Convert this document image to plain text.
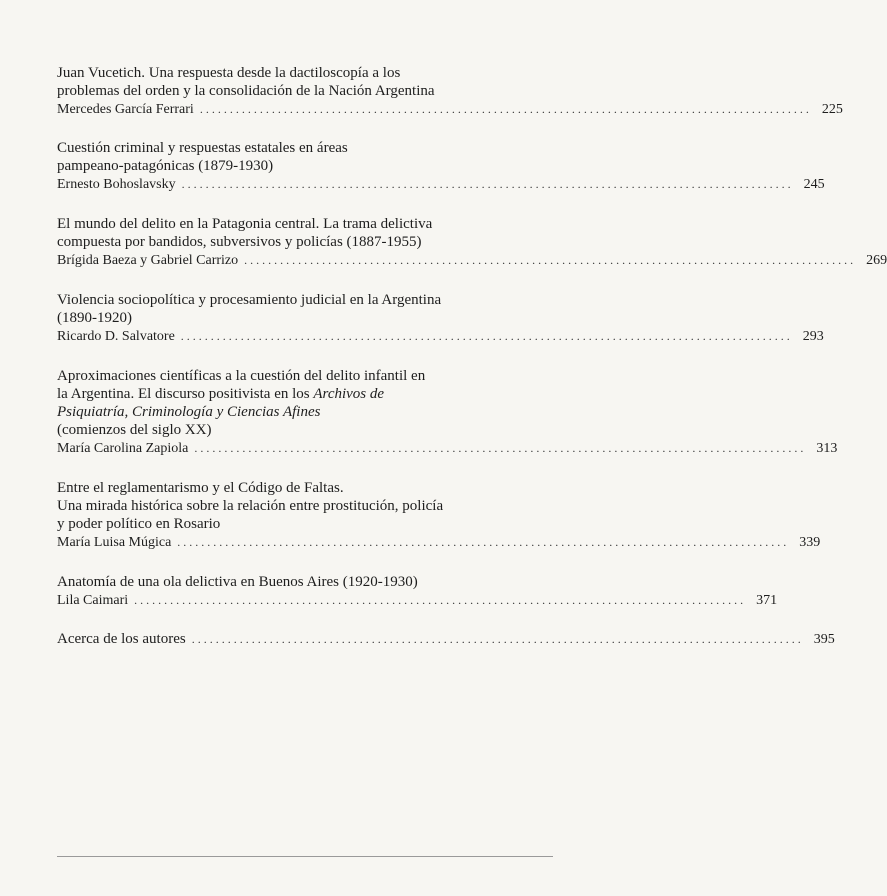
Juan Vucetich. Una respuesta desde la dactiloscopía a los
problemas del orden y la consolidación de la Nación Argentina
Mercedes García Ferrari ...................................................................................................... 225
Cuestión criminal y respuestas estatales en áreas
pampeano-patagónicas (1879-1930)
Ernesto Bohoslavsky ...................................................................................................... 245
El mundo del delito en la Patagonia central. La trama delictiva
compuesta por bandidos, subversivos y policías (1887-1955)
Brígida Baeza y Gabriel Carrizo ...................................................................................................... 269
Violencia sociopolítica y procesamiento judicial en la Argentina
(1890-1920)
Ricardo D. Salvatore ...................................................................................................... 293
Aproximaciones científicas a la cuestión del delito infantil en
la Argentina. El discurso positivista en los Archivos de
Psiquiatría, Criminología y Ciencias Afines
(comienzos del siglo XX)
María Carolina Zapiola ...................................................................................................... 313
Entre el reglamentarismo y el Código de Faltas.
Una mirada histórica sobre la relación entre prostitución, policía
y poder político en Rosario
María Luisa Múgica ...................................................................................................... 339
Anatomía de una ola delictiva en Buenos Aires (1920-1930)
Lila Caimari ...................................................................................................... 371
Acerca de los autores ...................................................................................................... 395
